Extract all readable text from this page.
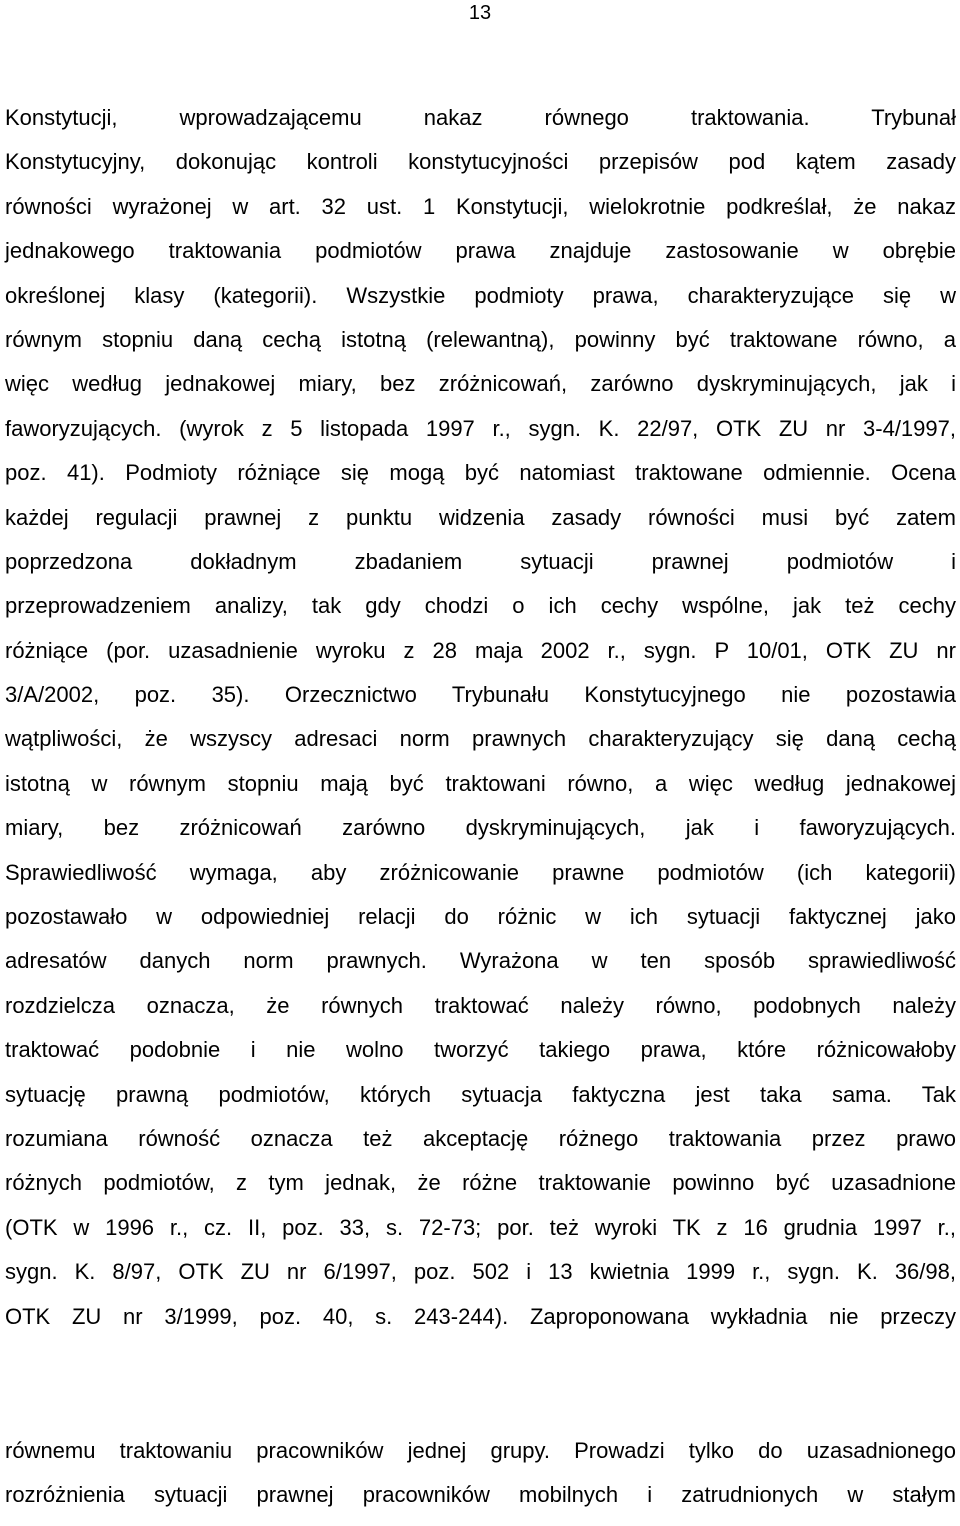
13
Konstytucji, wprowadzającemu nakaz równego traktowania. Trybunał
Konstytucyjny, dokonując kontroli konstytucyjności przepisów pod kątem zasady
równości wyrażonej w art. 32 ust. 1 Konstytucji, wielokrotnie podkreślał, że nakaz
jednakowego traktowania podmiotów prawa znajduje zastosowanie w obrębie
określonej klasy (kategorii). Wszystkie podmioty prawa, charakteryzujące się w
równym stopniu daną cechą istotną (relewantną), powinny być traktowane równo, a
więc według jednakowej miary, bez zróżnicowań, zarówno dyskryminujących, jak i
faworyzujących. (wyrok z 5 listopada 1997 r., sygn. K. 22/97, OTK ZU nr 3-4/1997,
poz. 41). Podmioty różniące się mogą być natomiast traktowane odmiennie. Ocena
każdej regulacji prawnej z punktu widzenia zasady równości musi być zatem
poprzedzona dokładnym zbadaniem sytuacji prawnej podmiotów i
przeprowadzeniem analizy, tak gdy chodzi o ich cechy wspólne, jak też cechy
różniące (por. uzasadnienie wyroku z 28 maja 2002 r., sygn. P 10/01, OTK ZU nr
3/A/2002, poz. 35). Orzecznictwo Trybunału Konstytucyjnego nie pozostawia
wątpliwości, że wszyscy adresaci norm prawnych charakteryzujący się daną cechą
istotną w równym stopniu mają być traktowani równo, a więc według jednakowej
miary, bez zróżnicowań zarówno dyskryminujących, jak i faworyzujących.
Sprawiedliwość wymaga, aby zróżnicowanie prawne podmiotów (ich kategorii)
pozostawało w odpowiedniej relacji do różnic w ich sytuacji faktycznej jako
adresatów danych norm prawnych. Wyrażona w ten sposób sprawiedliwość
rozdzielcza oznacza, że równych traktować należy równo, podobnych należy
traktować podobnie i nie wolno tworzyć takiego prawa, które różnicowałoby
sytuację prawną podmiotów, których sytuacja faktyczna jest taka sama. Tak
rozumiana równość oznacza też akceptację różnego traktowania przez prawo
różnych podmiotów, z tym jednak, że różne traktowanie powinno być uzasadnione
(OTK w 1996 r., cz. II, poz. 33, s. 72-73; por. też wyroki TK z 16 grudnia 1997 r.,
sygn. K. 8/97, OTK ZU nr 6/1997, poz. 502 i 13 kwietnia 1999 r., sygn. K. 36/98,
OTK ZU nr 3/1999, poz. 40, s. 243-244). Zaproponowana wykładnia nie przeczy
równemu traktowaniu pracowników jednej grupy. Prowadzi tylko do uzasadnionego
rozróżnienia sytuacji prawnej pracowników mobilnych i zatrudnionych w stałym
